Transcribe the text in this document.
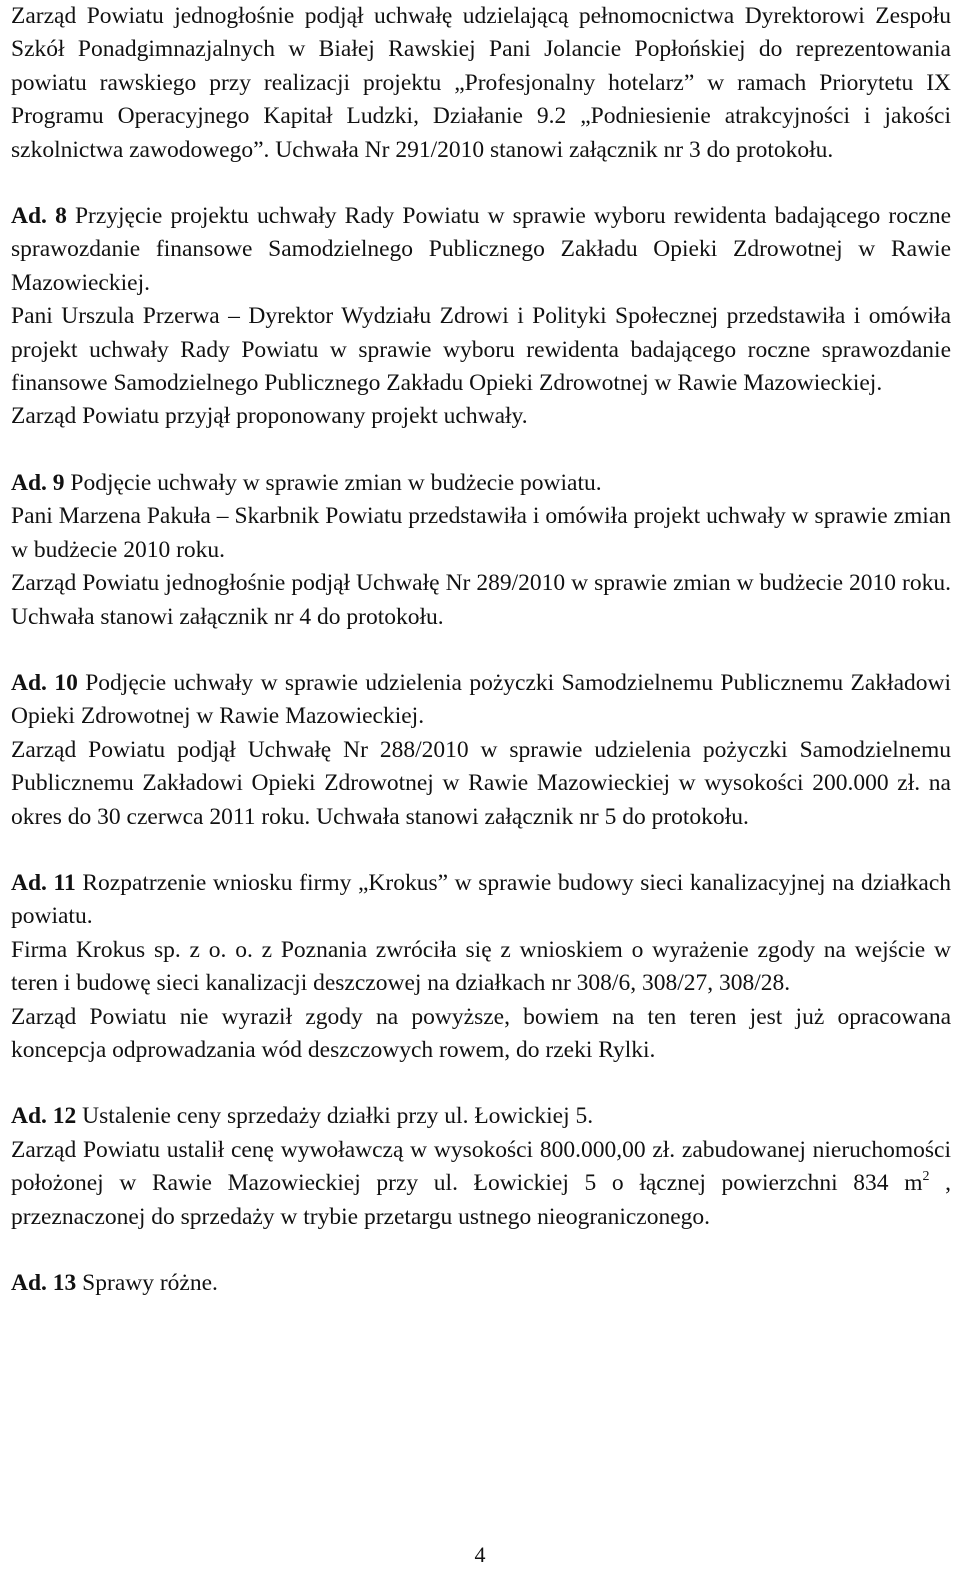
Zarząd Powiatu jednogłośnie podjął uchwałę udzielającą pełnomocnictwa Dyrektorowi Zespołu Szkół Ponadgimnazjalnych w Białej Rawskiej Pani Jolancie Popłońskiej do reprezentowania powiatu rawskiego przy realizacji projektu „Profesjonalny hotelarz” w ramach Priorytetu IX Programu Operacyjnego Kapitał Ludzki, Działanie 9.2 „Podniesienie atrakcyjności i jakości szkolnictwa zawodowego”. Uchwała Nr 291/2010 stanowi załącznik nr 3 do protokołu.

Ad. 8 Przyjęcie projektu uchwały Rady Powiatu w sprawie wyboru rewidenta badającego roczne sprawozdanie finansowe Samodzielnego Publicznego Zakładu Opieki Zdrowotnej w Rawie Mazowieckiej.

Pani Urszula Przerwa – Dyrektor Wydziału Zdrowi i Polityki Społecznej przedstawiła i omówiła projekt uchwały Rady Powiatu w sprawie wyboru rewidenta badającego roczne sprawozdanie finansowe Samodzielnego Publicznego Zakładu Opieki Zdrowotnej w Rawie Mazowieckiej.

Zarząd Powiatu przyjął proponowany projekt uchwały.

Ad. 9 Podjęcie uchwały w sprawie zmian w budżecie powiatu.

Pani Marzena Pakuła – Skarbnik Powiatu przedstawiła i omówiła projekt uchwały w sprawie zmian w budżecie 2010 roku.

Zarząd Powiatu jednogłośnie podjął Uchwałę Nr 289/2010 w sprawie zmian w budżecie 2010 roku. Uchwała stanowi załącznik nr 4 do protokołu.

Ad. 10 Podjęcie uchwały w sprawie udzielenia pożyczki Samodzielnemu Publicznemu Zakładowi Opieki Zdrowotnej w Rawie Mazowieckiej.

Zarząd Powiatu podjął Uchwałę Nr 288/2010 w sprawie udzielenia pożyczki Samodzielnemu Publicznemu Zakładowi Opieki Zdrowotnej w Rawie Mazowieckiej w wysokości 200.000 zł. na okres do 30 czerwca 2011 roku. Uchwała stanowi załącznik nr 5 do protokołu.

Ad. 11 Rozpatrzenie wniosku firmy „Krokus” w sprawie budowy sieci kanalizacyjnej na działkach powiatu.

Firma Krokus sp. z o. o. z Poznania zwróciła się z wnioskiem o wyrażenie zgody na wejście w teren i budowę sieci kanalizacji deszczowej na działkach nr 308/6, 308/27, 308/28.

Zarząd Powiatu nie wyraził zgody na powyższe, bowiem na ten teren jest już opracowana koncepcja odprowadzania wód deszczowych rowem, do rzeki Rylki.

Ad. 12 Ustalenie ceny sprzedaży działki przy ul. Łowickiej 5.

Zarząd Powiatu ustalił cenę wywoławczą w wysokości 800.000,00 zł. zabudowanej nieruchomości położonej w Rawie Mazowieckiej przy ul. Łowickiej 5 o łącznej powierzchni 834 $m^2$ , przeznaczonej do sprzedaży w trybie przetargu ustnego nieograniczonego.

Ad. 13 Sprawy różne.

4
